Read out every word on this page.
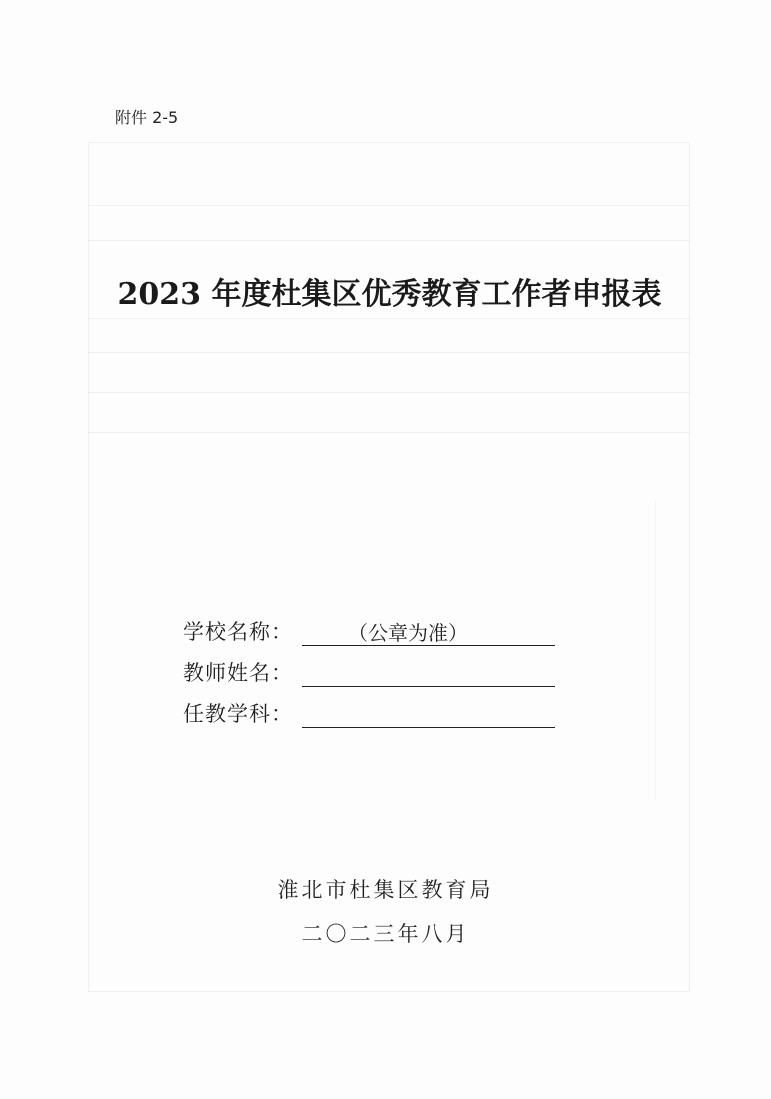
附件 2-5
2023 年度杜集区优秀教育工作者申报表
学校名称：	（公章为准）
教师姓名：
任教学科：
淮北市杜集区教育局
二〇二三年八月
